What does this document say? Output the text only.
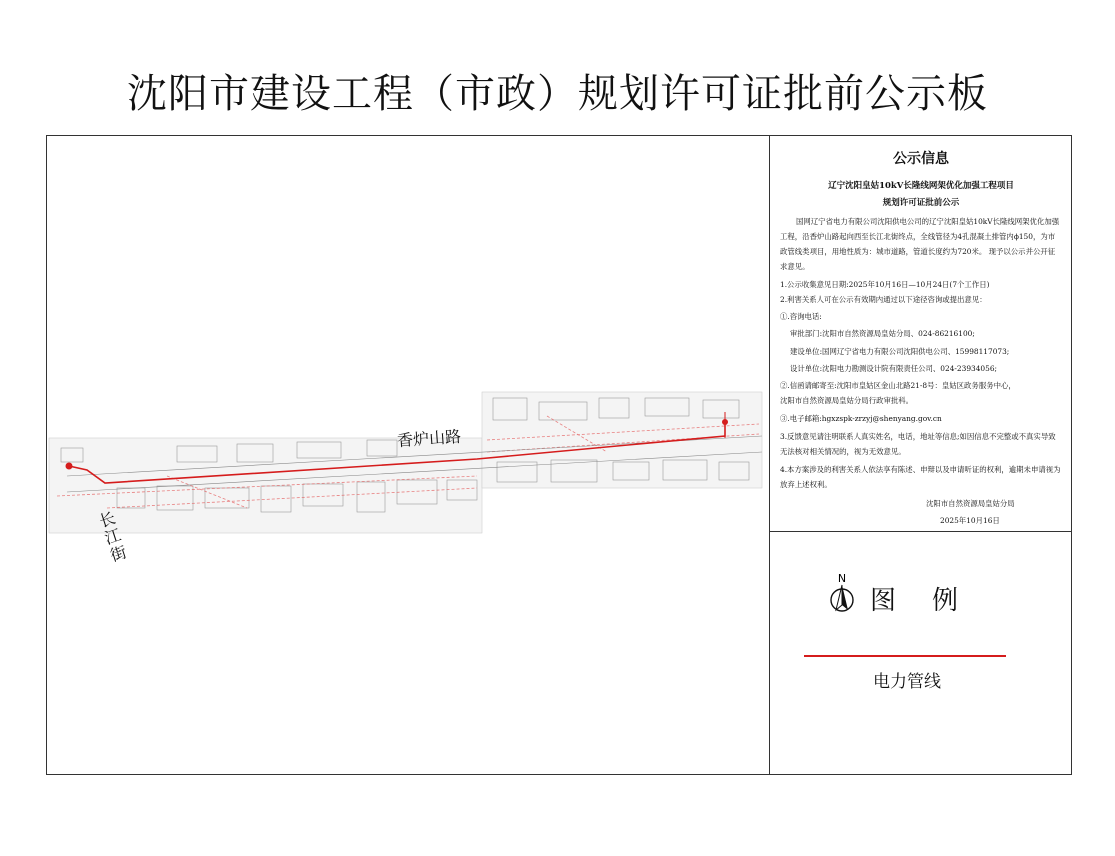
沈阳市建设工程（市政）规划许可证批前公示板
香炉山路
长江街
公示信息
辽宁沈阳皇姑10kV长隆线网架优化加强工程项目
规划许可证批前公示
国网辽宁省电力有限公司沈阳供电公司的辽宁沈阳皇姑10kV长隆线网架优化加强工程，沿香炉山路起向西至长江北街终点，全线管径为4孔混凝土排管内ϕ150，为市政管线类项目，用地性质为：城市道路，管道长度约为720米。 现予以公示并公开征求意见。
1.公示收集意见日期:2025年10月16日—10月24日(7个工作日)
2.利害关系人可在公示有效期内通过以下途径咨询或提出意见：
①.咨询电话:
审批部门:沈阳市自然资源局皇姑分局、024-86216100;
建设单位:国网辽宁省电力有限公司沈阳供电公司、15998117073;
设计单位:沈阳电力勘测设计院有限责任公司、024-23934056;
②.信函请邮寄至:沈阳市皇姑区金山北路21-8号：皇姑区政务服务中心，
沈阳市自然资源局皇姑分局行政审批科。
③.电子邮箱:hgxzspk-zrzyj@shenyang.gov.cn
3.反馈意见请注明联系人真实姓名，电话，地址等信息;如因信息不完整或不真实导致无法核对相关情况的，视为无效意见。
4.本方案涉及的利害关系人依法享有陈述、申辩以及申请听证的权利，逾期未申请视为放弃上述权利。
沈阳市自然资源局皇姑分局
2025年10月16日
N
图例
电力管线
